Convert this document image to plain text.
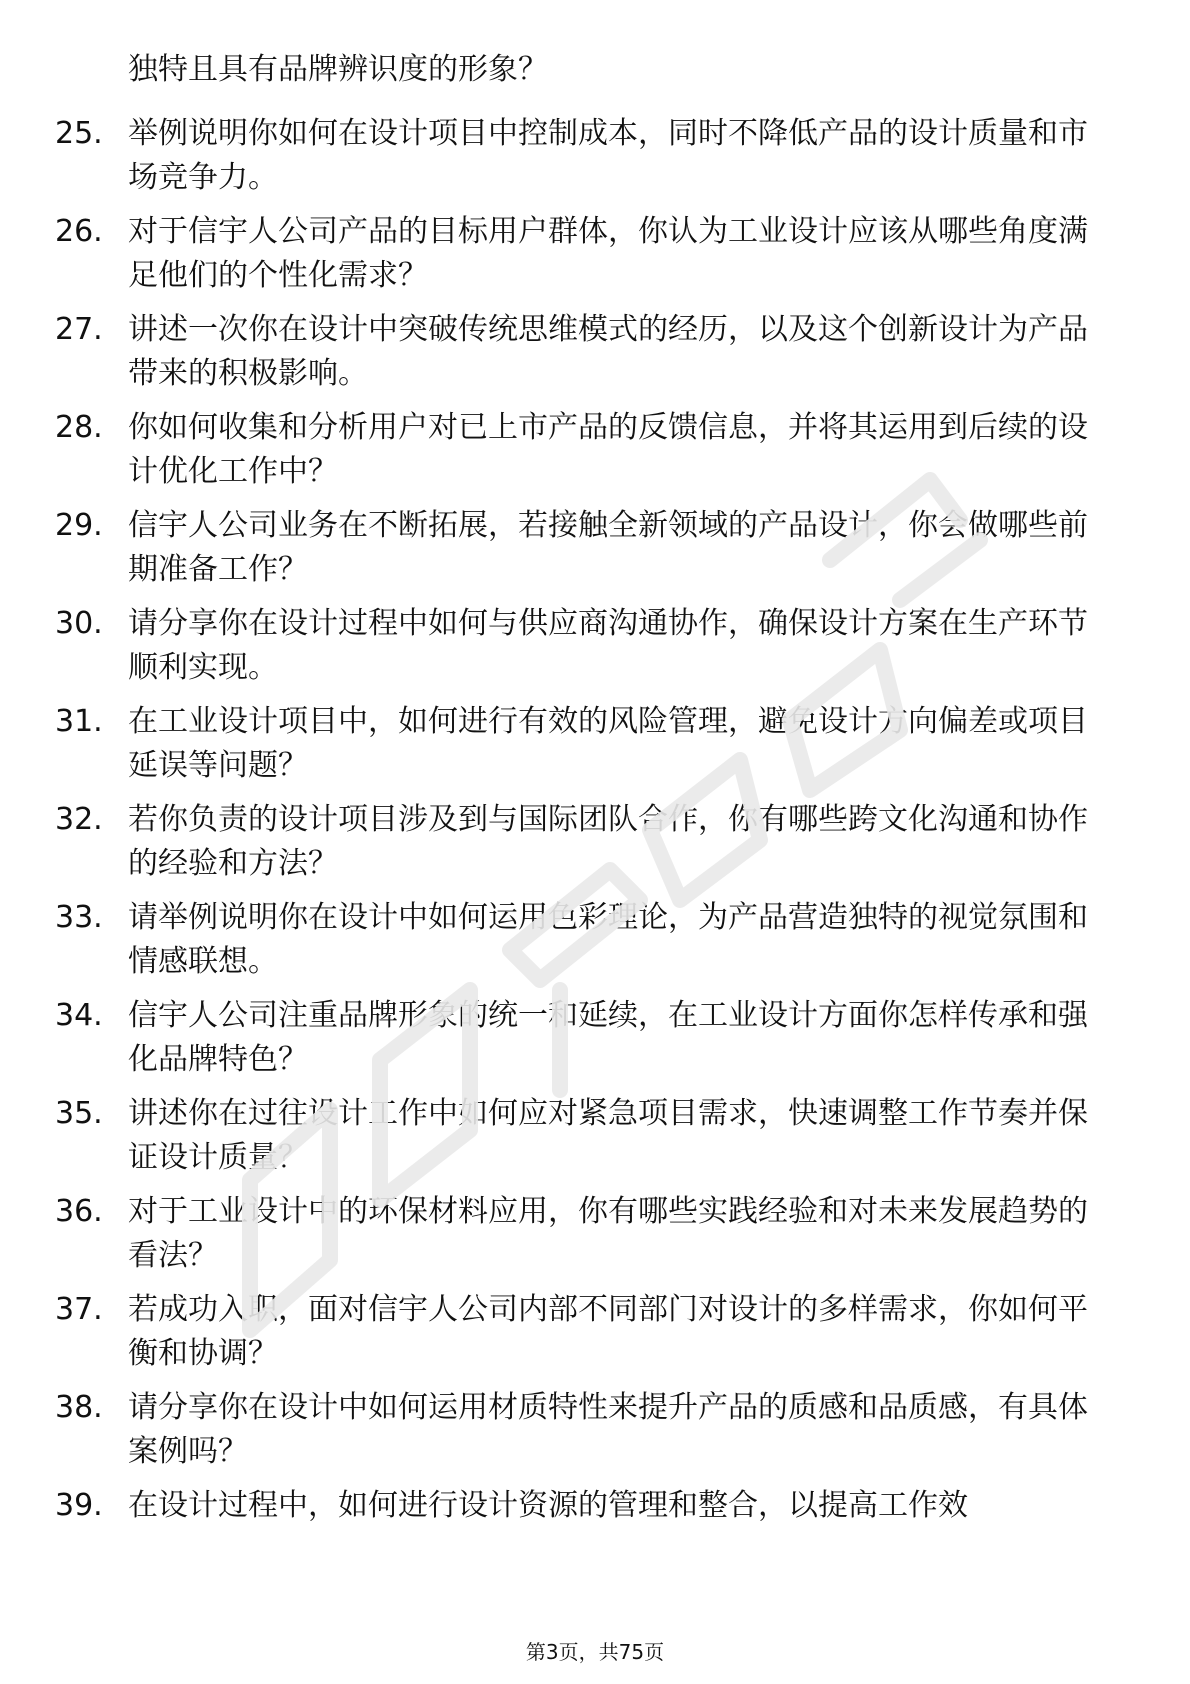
独特且具有品牌辨识度的形象？
25. 举例说明你如何在设计项目中控制成本，同时不降低产品的设计质量和市场竞争力。
26. 对于信宇人公司产品的目标用户群体，你认为工业设计应该从哪些角度满足他们的个性化需求？
27. 讲述一次你在设计中突破传统思维模式的经历，以及这个创新设计为产品带来的积极影响。
28. 你如何收集和分析用户对已上市产品的反馈信息，并将其运用到后续的设计优化工作中？
29. 信宇人公司业务在不断拓展，若接触全新领域的产品设计，你会做哪些前期准备工作？
30. 请分享你在设计过程中如何与供应商沟通协作，确保设计方案在生产环节顺利实现。
31. 在工业设计项目中，如何进行有效的风险管理，避免设计方向偏差或项目延误等问题？
32. 若你负责的设计项目涉及到与国际团队合作，你有哪些跨文化沟通和协作的经验和方法？
33. 请举例说明你在设计中如何运用色彩理论，为产品营造独特的视觉氛围和情感联想。
34. 信宇人公司注重品牌形象的统一和延续，在工业设计方面你怎样传承和强化品牌特色？
35. 讲述你在过往设计工作中如何应对紧急项目需求，快速调整工作节奏并保证设计质量？
36. 对于工业设计中的环保材料应用，你有哪些实践经验和对未来发展趋势的看法？
37. 若成功入职，面对信宇人公司内部不同部门对设计的多样需求，你如何平衡和协调？
38. 请分享你在设计中如何运用材质特性来提升产品的质感和品质感，有具体案例吗？
39. 在设计过程中，如何进行设计资源的管理和整合，以提高工作效
第3页，共75页
